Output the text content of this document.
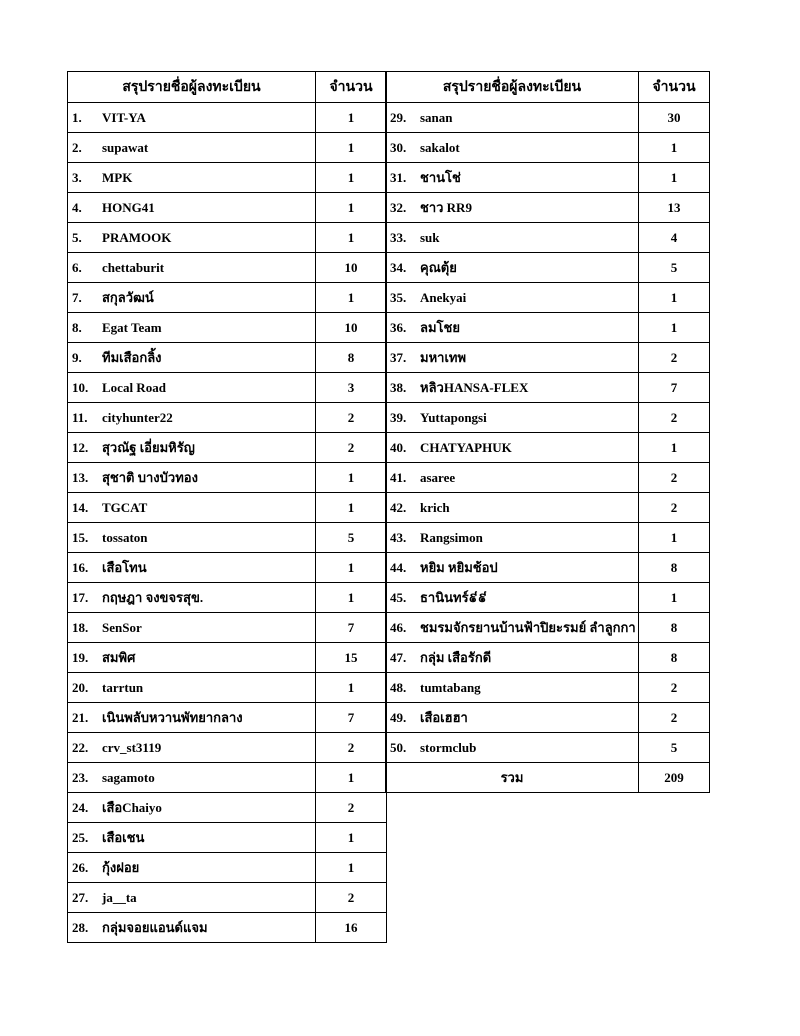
สรุปรายชื่อผู้ลงทะเบียน	จำนวน
1. VIT-YA	1
2. supawat	1
3. MPK	1
4. HONG41	1
5. PRAMOOK	1
6. chettaburit	10
7. สกุลวัฒน์	1
8. Egat Team	10
9. ทีมเสือกลิ้ง	8
10. Local Road	3
11. cityhunter22	2
12. สุวณัฐ เอี่ยมหิรัญ	2
13. สุชาติ บางบัวทอง	1
14. TGCAT	1
15. tossaton	5
16. เสือโทน	1
17. กฤษฎา จงขจรสุข.	1
18. SenSor	7
19. สมพิศ	15
20. tarrtun	1
21. เนินพลับหวานพัทยากลาง	7
22. crv_st3119	2
23. sagamoto	1
24. เสือChaiyo	2
25. เสือเชน	1
26. กุ้งฝอย	1
27. ja__ta	2
28. กลุ่มจอยแอนด์แจม	16
สรุปรายชื่อผู้ลงทะเบียน	จำนวน
29. sanan	30
30. sakalot	1
31. ชานโช่	1
32. ชาว RR9	13
33. suk	4
34. คุณตุ้ย	5
35. Anekyai	1
36. ลมโชย	1
37. มหาเทพ	2
38. หลิวHANSA-FLEX	7
39. Yuttapongsi	2
40. CHATYAPHUK	1
41. asaree	2
42. krich	2
43. Rangsimon	1
44. หยิม หยิมช้อป	8
45. ธานินทร์៩៩	1
46. ชมรมจักรยานบ้านฟ้าปิยะรมย์ ลำลูกกา	8
47. กลุ่ม เสือรักดี	8
48. tumtabang	2
49. เสือเฮฮา	2
50. stormclub	5
รวม	209
